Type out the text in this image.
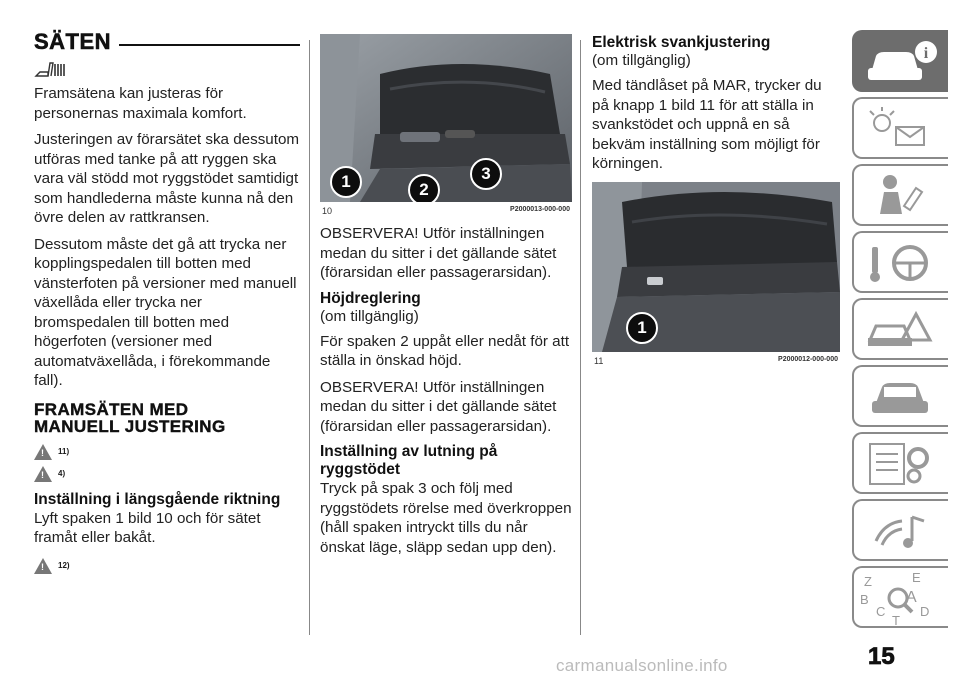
SÄTEN

Framsätena kan justeras för personernas maximala komfort.

Justeringen av förarsätet ska dessutom utföras med tanke på att ryggen ska vara väl stödd mot ryggstödet samtidigt som handlederna måste kunna nå den övre delen av rattkransen.

Dessutom måste det gå att trycka ner kopplingspedalen till botten med vänsterfoten på versioner med manuell växellåda eller trycka ner bromspedalen till botten med högerfoten (versioner med automatväxellåda, i förekommande fall).

FRAMSÄTEN MED
MANUELL JUSTERING
!
11)
!
4)
Inställning i längsgående riktning

Lyft spaken 1 bild 10 och för sätet framåt eller bakåt.

!
12)
1	2
3
10	P2000013-000-000

OBSERVERA! Utför inställningen medan du sitter i det gällande sätet (förarsidan eller passagerarsidan).

Höjdreglering
(om tillgänglig)

För spaken 2 uppåt eller nedåt för att ställa in önskad höjd.

OBSERVERA! Utför inställningen medan du sitter i det gällande sätet (förarsidan eller passagerarsidan).

Inställning av lutning på ryggstödet

Tryck på spak 3 och följ med ryggstödets rörelse med överkroppen (håll spaken intryckt tills du når önskat läge, släpp sedan upp den).

Elektrisk svankjustering
(om tillgänglig)

Med tändlåset på MAR, trycker du på knapp 1 bild 11 för att ställa in svankstödet och uppnå en så bekväm inställning som möjligt för körningen.

1
11	P2000012-000-000
i
Z	E
B A
C	D
T
15
carmanualsonline.info
